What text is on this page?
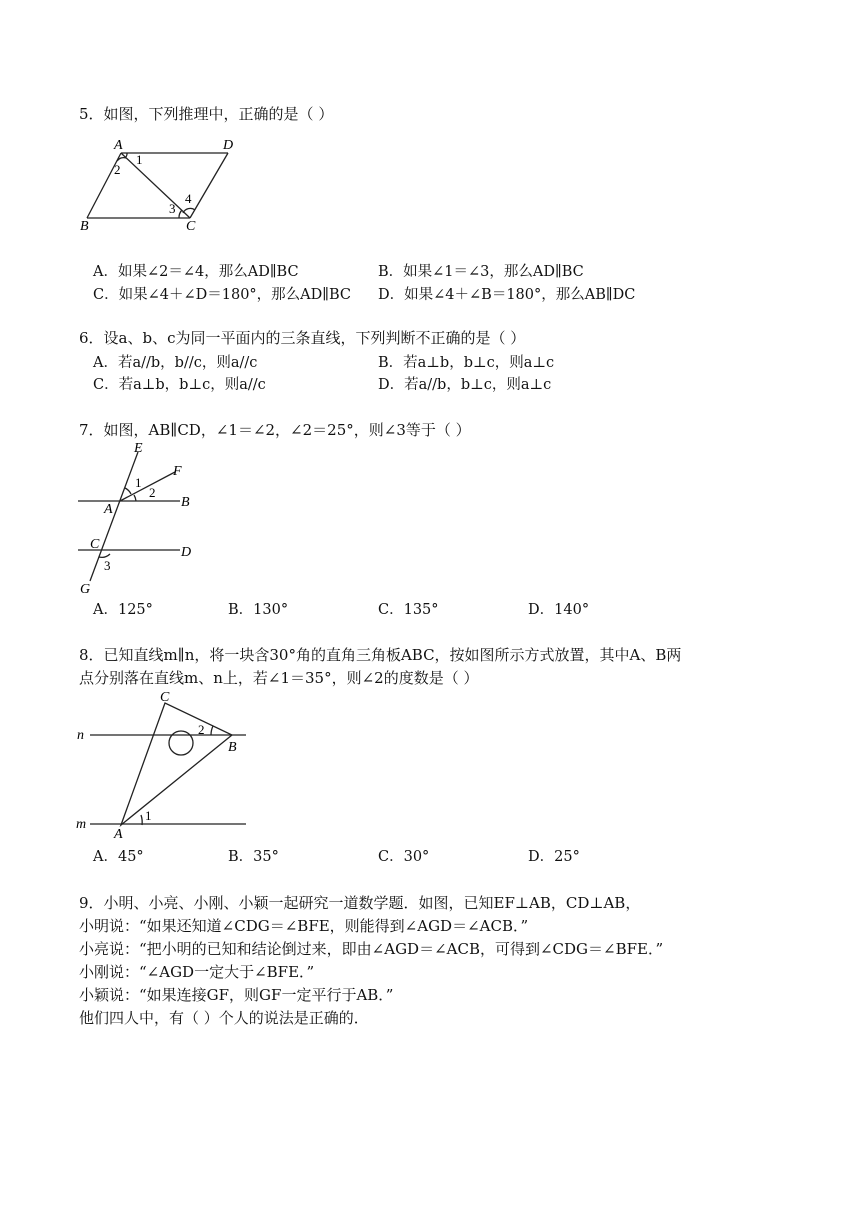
5．如图，下列推理中，正确的是（ ）
A	D
B	C
1
2
3
4
A．如果∠2＝∠4，那么AD∥BC	B．如果∠1＝∠3，那么AD∥BC
C．如果∠4＋∠D＝180°，那么AD∥BC D．如果∠4＋∠B＝180°，那么AB∥DC
6．设a、b、c为同一平面内的三条直线，下列判断不正确的是（ ）
A．若a//b，b//c，则a//c	B．若a⊥b，b⊥c，则a⊥c
C．若a⊥b，b⊥c，则a//c	D．若a//b，b⊥c，则a⊥c
7．如图，AB∥CD，∠1＝∠2，∠2＝25°，则∠3等于（ ）
E
F
B
A
C
D
G
1
2
3
A．125°	B．130°	C．135°	D．140°
8．已知直线m∥n，将一块含30°角的直角三角板ABC，按如图所示方式放置，其中A、B两
点分别落在直线m、n上，若∠1＝35°，则∠2的度数是（ ）
C
n
B
m
A
1
2
A．45°	B．35°	C．30°	D．25°
9．小明、小亮、小刚、小颖一起研究一道数学题．如图，已知EF⊥AB，CD⊥AB，
小明说：“如果还知道∠CDG＝∠BFE，则能得到∠AGD＝∠ACB．”
小亮说：“把小明的已知和结论倒过来，即由∠AGD＝∠ACB，可得到∠CDG＝∠BFE．”
小刚说：“∠AGD一定大于∠BFE．”
小颖说：“如果连接GF，则GF一定平行于AB．”
他们四人中，有（ ）个人的说法是正确的．
